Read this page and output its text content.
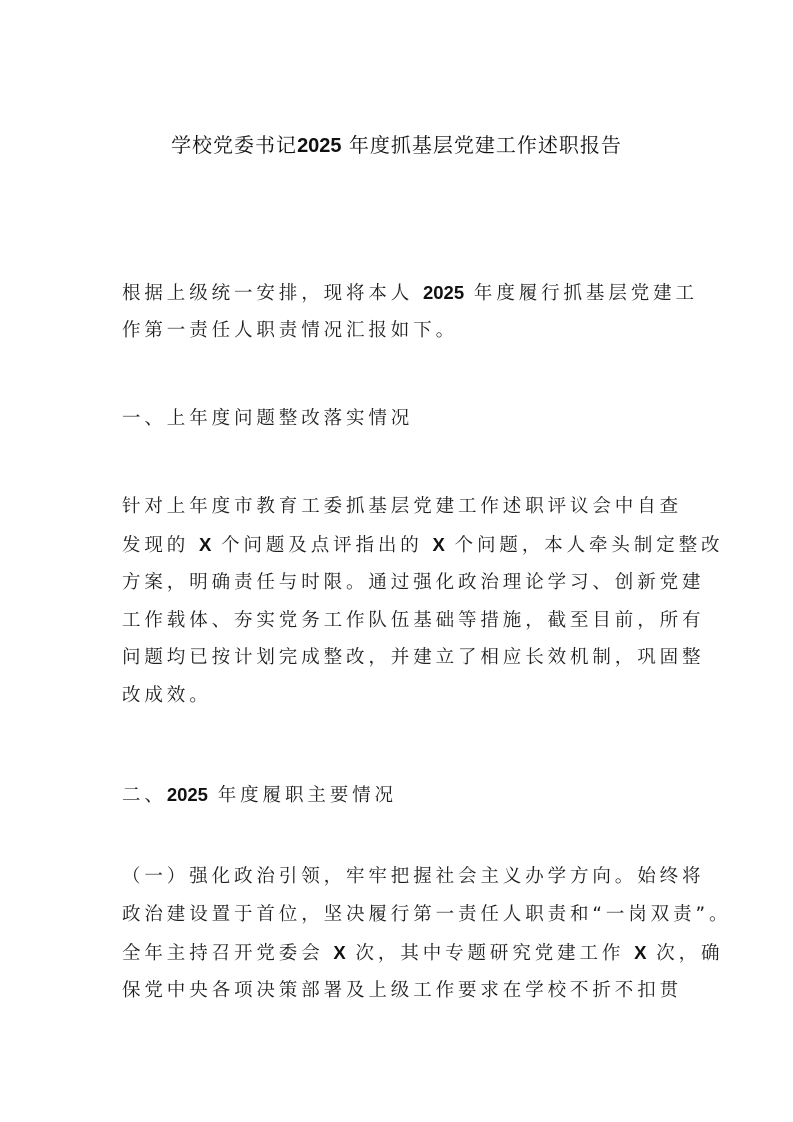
学校党委书记2025 年度抓基层党建工作述职报告
根据上级统一安排，现将本人 2025 年度履行抓基层党建工
作第一责任人职责情况汇报如下。
一、上年度问题整改落实情况
针对上年度市教育工委抓基层党建工作述职评议会中自查
发现的 X 个问题及点评指出的 X 个问题，本人牵头制定整改
方案，明确责任与时限。通过强化政治理论学习、创新党建
工作载体、夯实党务工作队伍基础等措施，截至目前，所有
问题均已按计划完成整改，并建立了相应长效机制，巩固整
改成效。
二、2025 年度履职主要情况
（一）强化政治引领，牢牢把握社会主义办学方向。始终将
政治建设置于首位，坚决履行第一责任人职责和“一岗双责”。
全年主持召开党委会 X 次，其中专题研究党建工作 X 次，确
保党中央各项决策部署及上级工作要求在学校不折不扣贯
